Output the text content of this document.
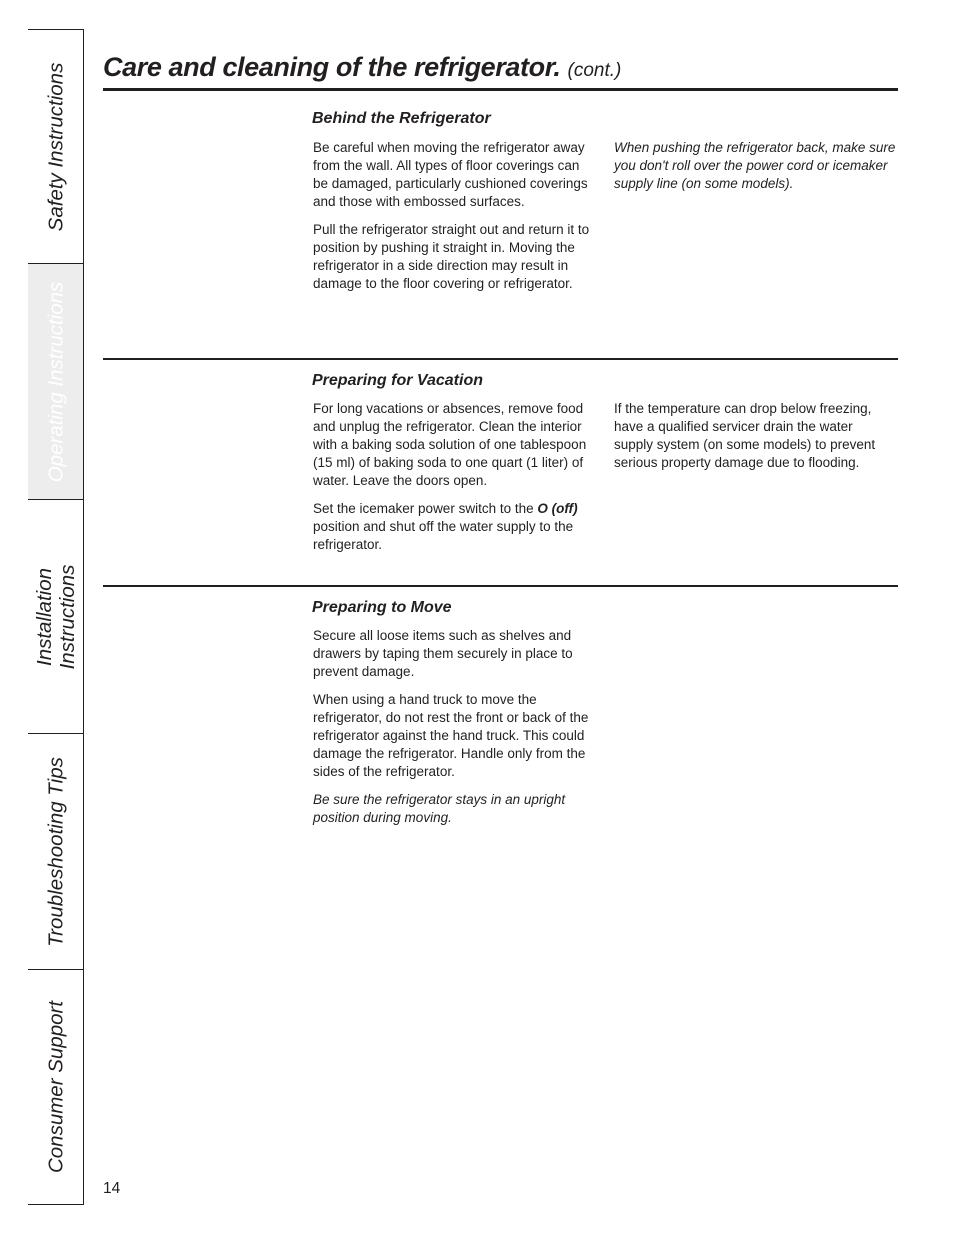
Safety Instructions
Operating Instructions
Installation
Instructions
Troubleshooting Tips
Consumer Support
Care and cleaning of the refrigerator. (cont.)
Behind the Refrigerator

Be careful when moving the refrigerator away from the wall. All types of floor coverings can be damaged, particularly cushioned coverings and those with embossed surfaces.

Pull the refrigerator straight out and return it to position by pushing it straight in. Moving the refrigerator in a side direction may result in damage to the floor covering or refrigerator.

When pushing the refrigerator back, make sure you don't roll over the power cord or icemaker supply line (on some models).

Preparing for Vacation

For long vacations or absences, remove food and unplug the refrigerator. Clean the interior with a baking soda solution of one tablespoon (15 ml) of baking soda to one quart (1 liter) of water. Leave the doors open.

Set the icemaker power switch to the O (off) position and shut off the water supply to the refrigerator.

If the temperature can drop below freezing, have a qualified servicer drain the water supply system (on some models) to prevent serious property damage due to flooding.

Preparing to Move

Secure all loose items such as shelves and drawers by taping them securely in place to prevent damage.

When using a hand truck to move the refrigerator, do not rest the front or back of the refrigerator against the hand truck. This could damage the refrigerator. Handle only from the sides of the refrigerator.

Be sure the refrigerator stays in an upright position during moving.

14
